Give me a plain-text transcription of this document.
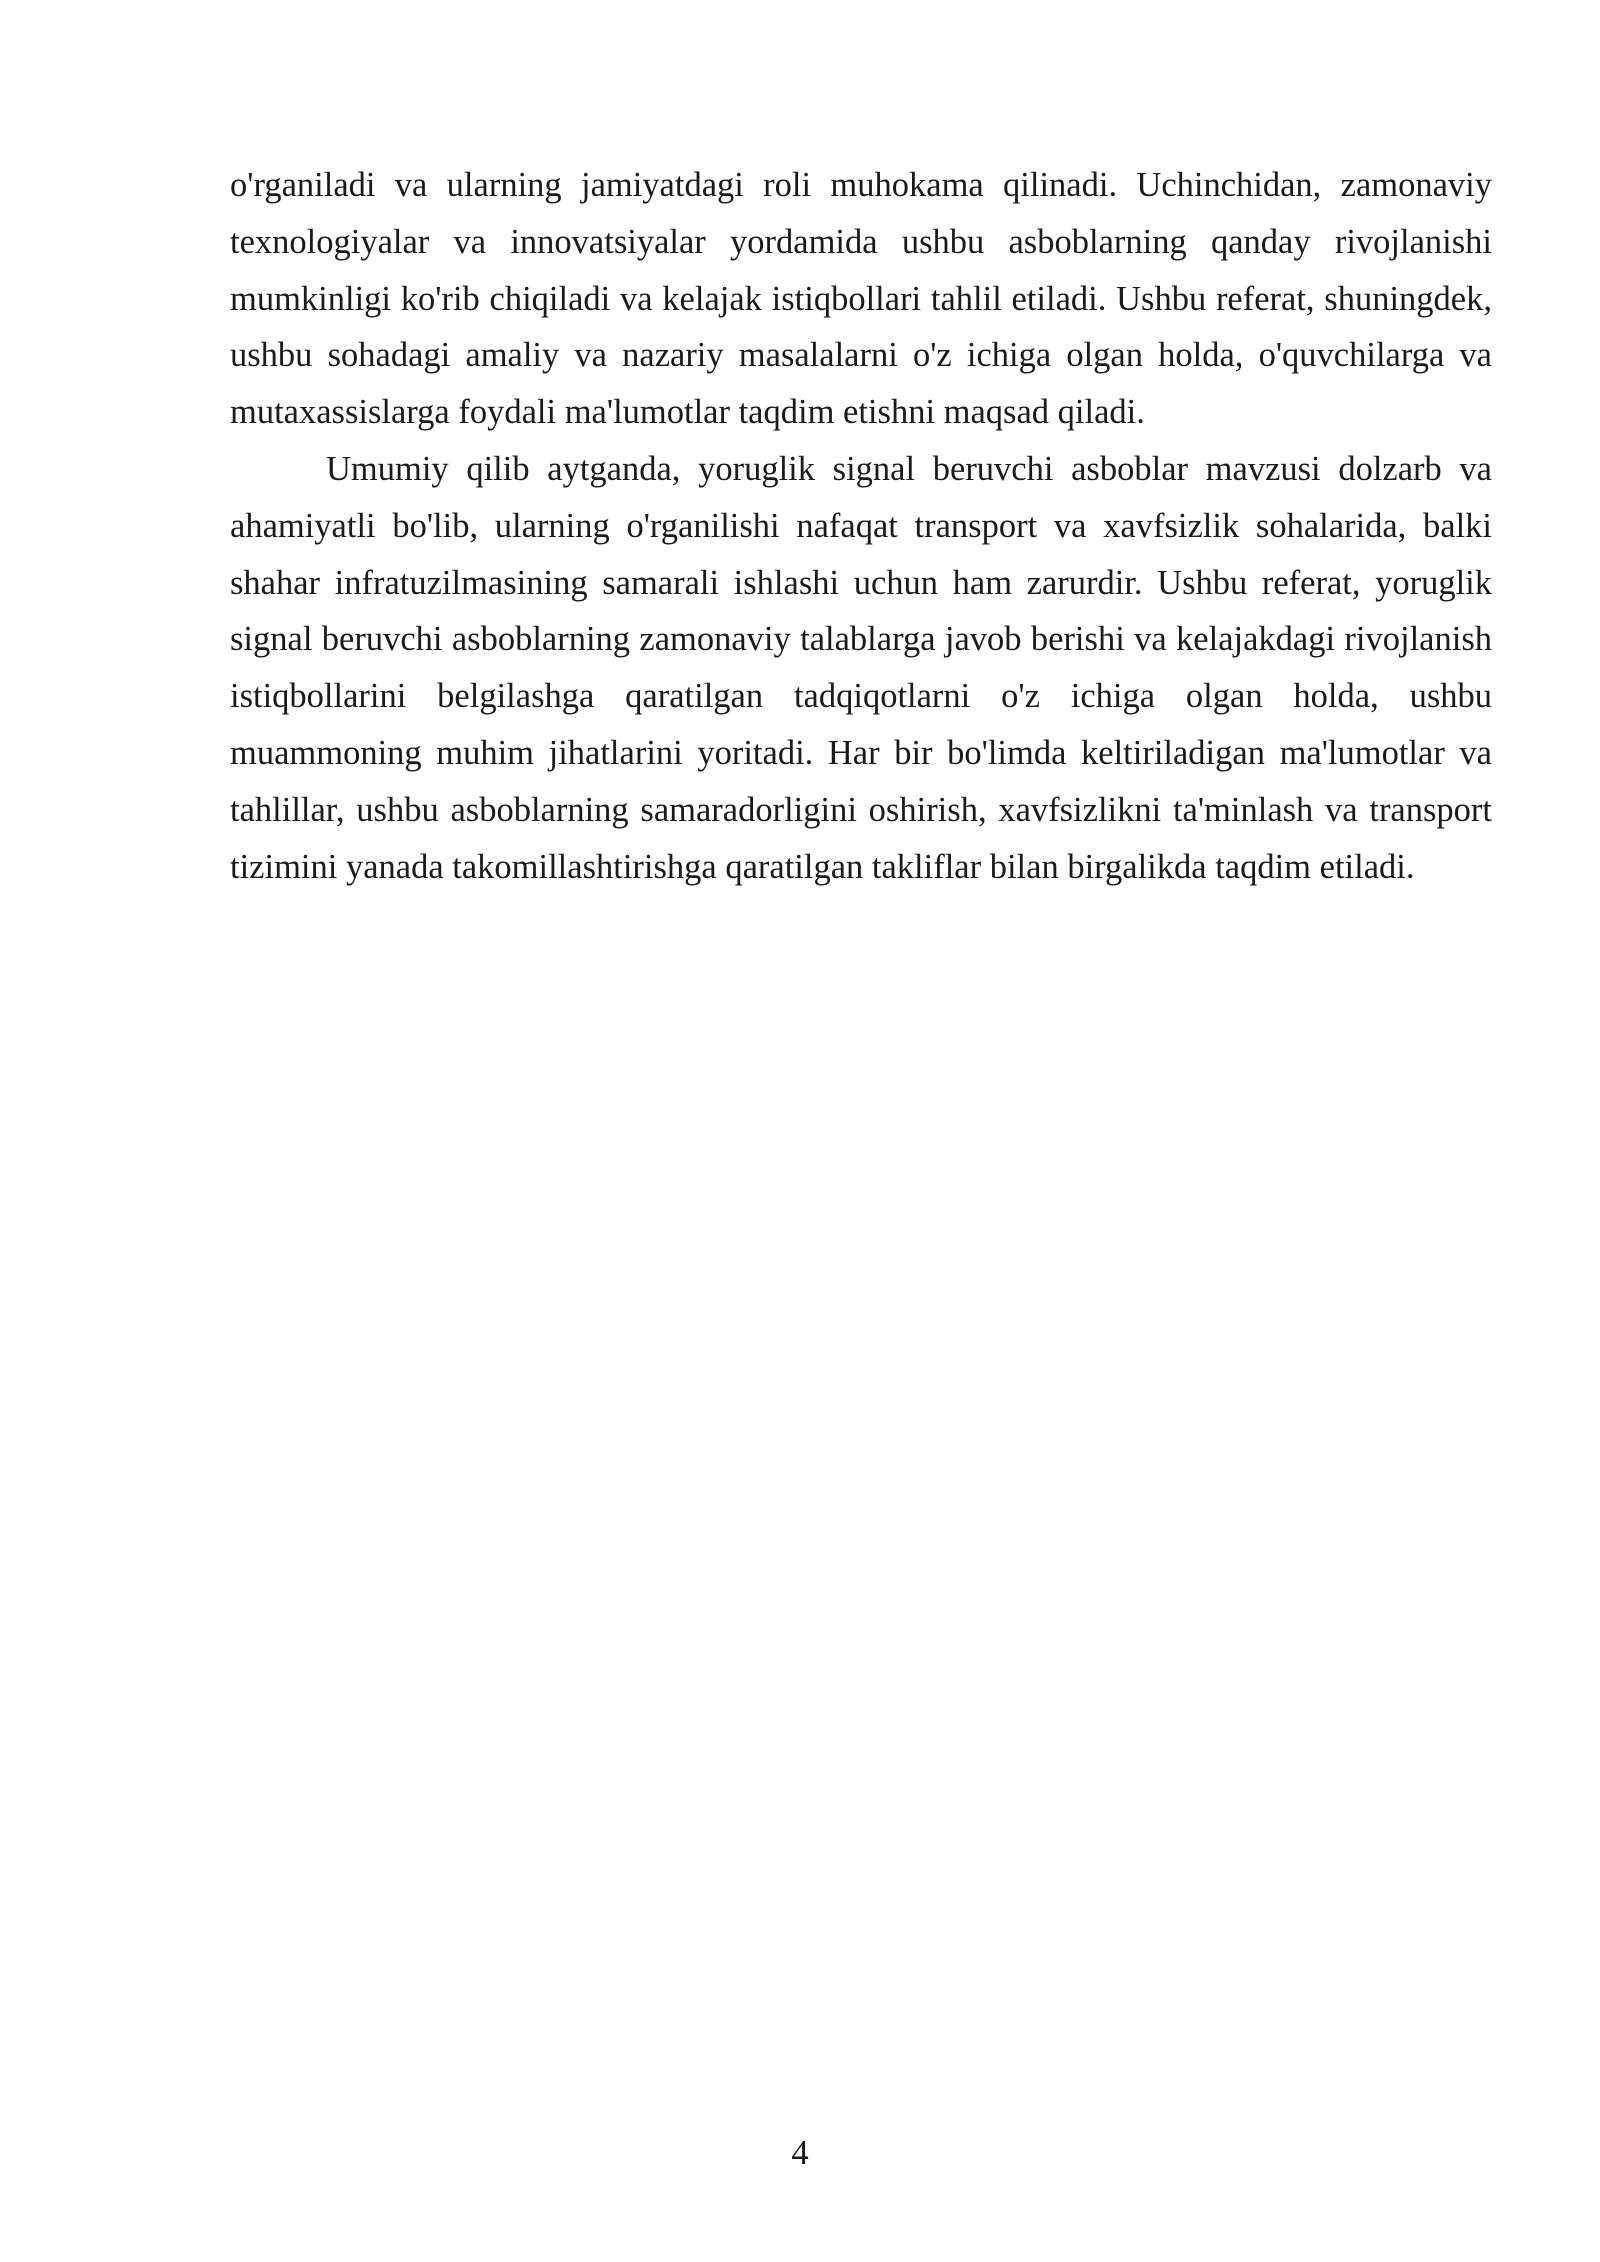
o'rganiladi va ularning jamiyatdagi roli muhokama qilinadi. Uchinchidan, zamonaviy texnologiyalar va innovatsiyalar yordamida ushbu asboblarning qanday rivojlanishi mumkinligi ko'rib chiqiladi va kelajak istiqbollari tahlil etiladi. Ushbu referat, shuningdek, ushbu sohadagi amaliy va nazariy masalalarni o'z ichiga olgan holda, o'quvchilarga va mutaxassislarga foydali ma'lumotlar taqdim etishni maqsad qiladi.

Umumiy qilib aytganda, yoruglik signal beruvchi asboblar mavzusi dolzarb va ahamiyatli bo'lib, ularning o'rganilishi nafaqat transport va xavfsizlik sohalarida, balki shahar infratuzilmasining samarali ishlashi uchun ham zarurdir. Ushbu referat, yoruglik signal beruvchi asboblarning zamonaviy talablarga javob berishi va kelajakdagi rivojlanish istiqbollarini belgilashga qaratilgan tadqiqotlarni o'z ichiga olgan holda, ushbu muammoning muhim jihatlarini yoritadi. Har bir bo'limda keltiriladigan ma'lumotlar va tahlillar, ushbu asboblarning samaradorligini oshirish, xavfsizlikni ta'minlash va transport tizimini yanada takomillashtirishga qaratilgan takliflar bilan birgalikda taqdim etiladi.

4
